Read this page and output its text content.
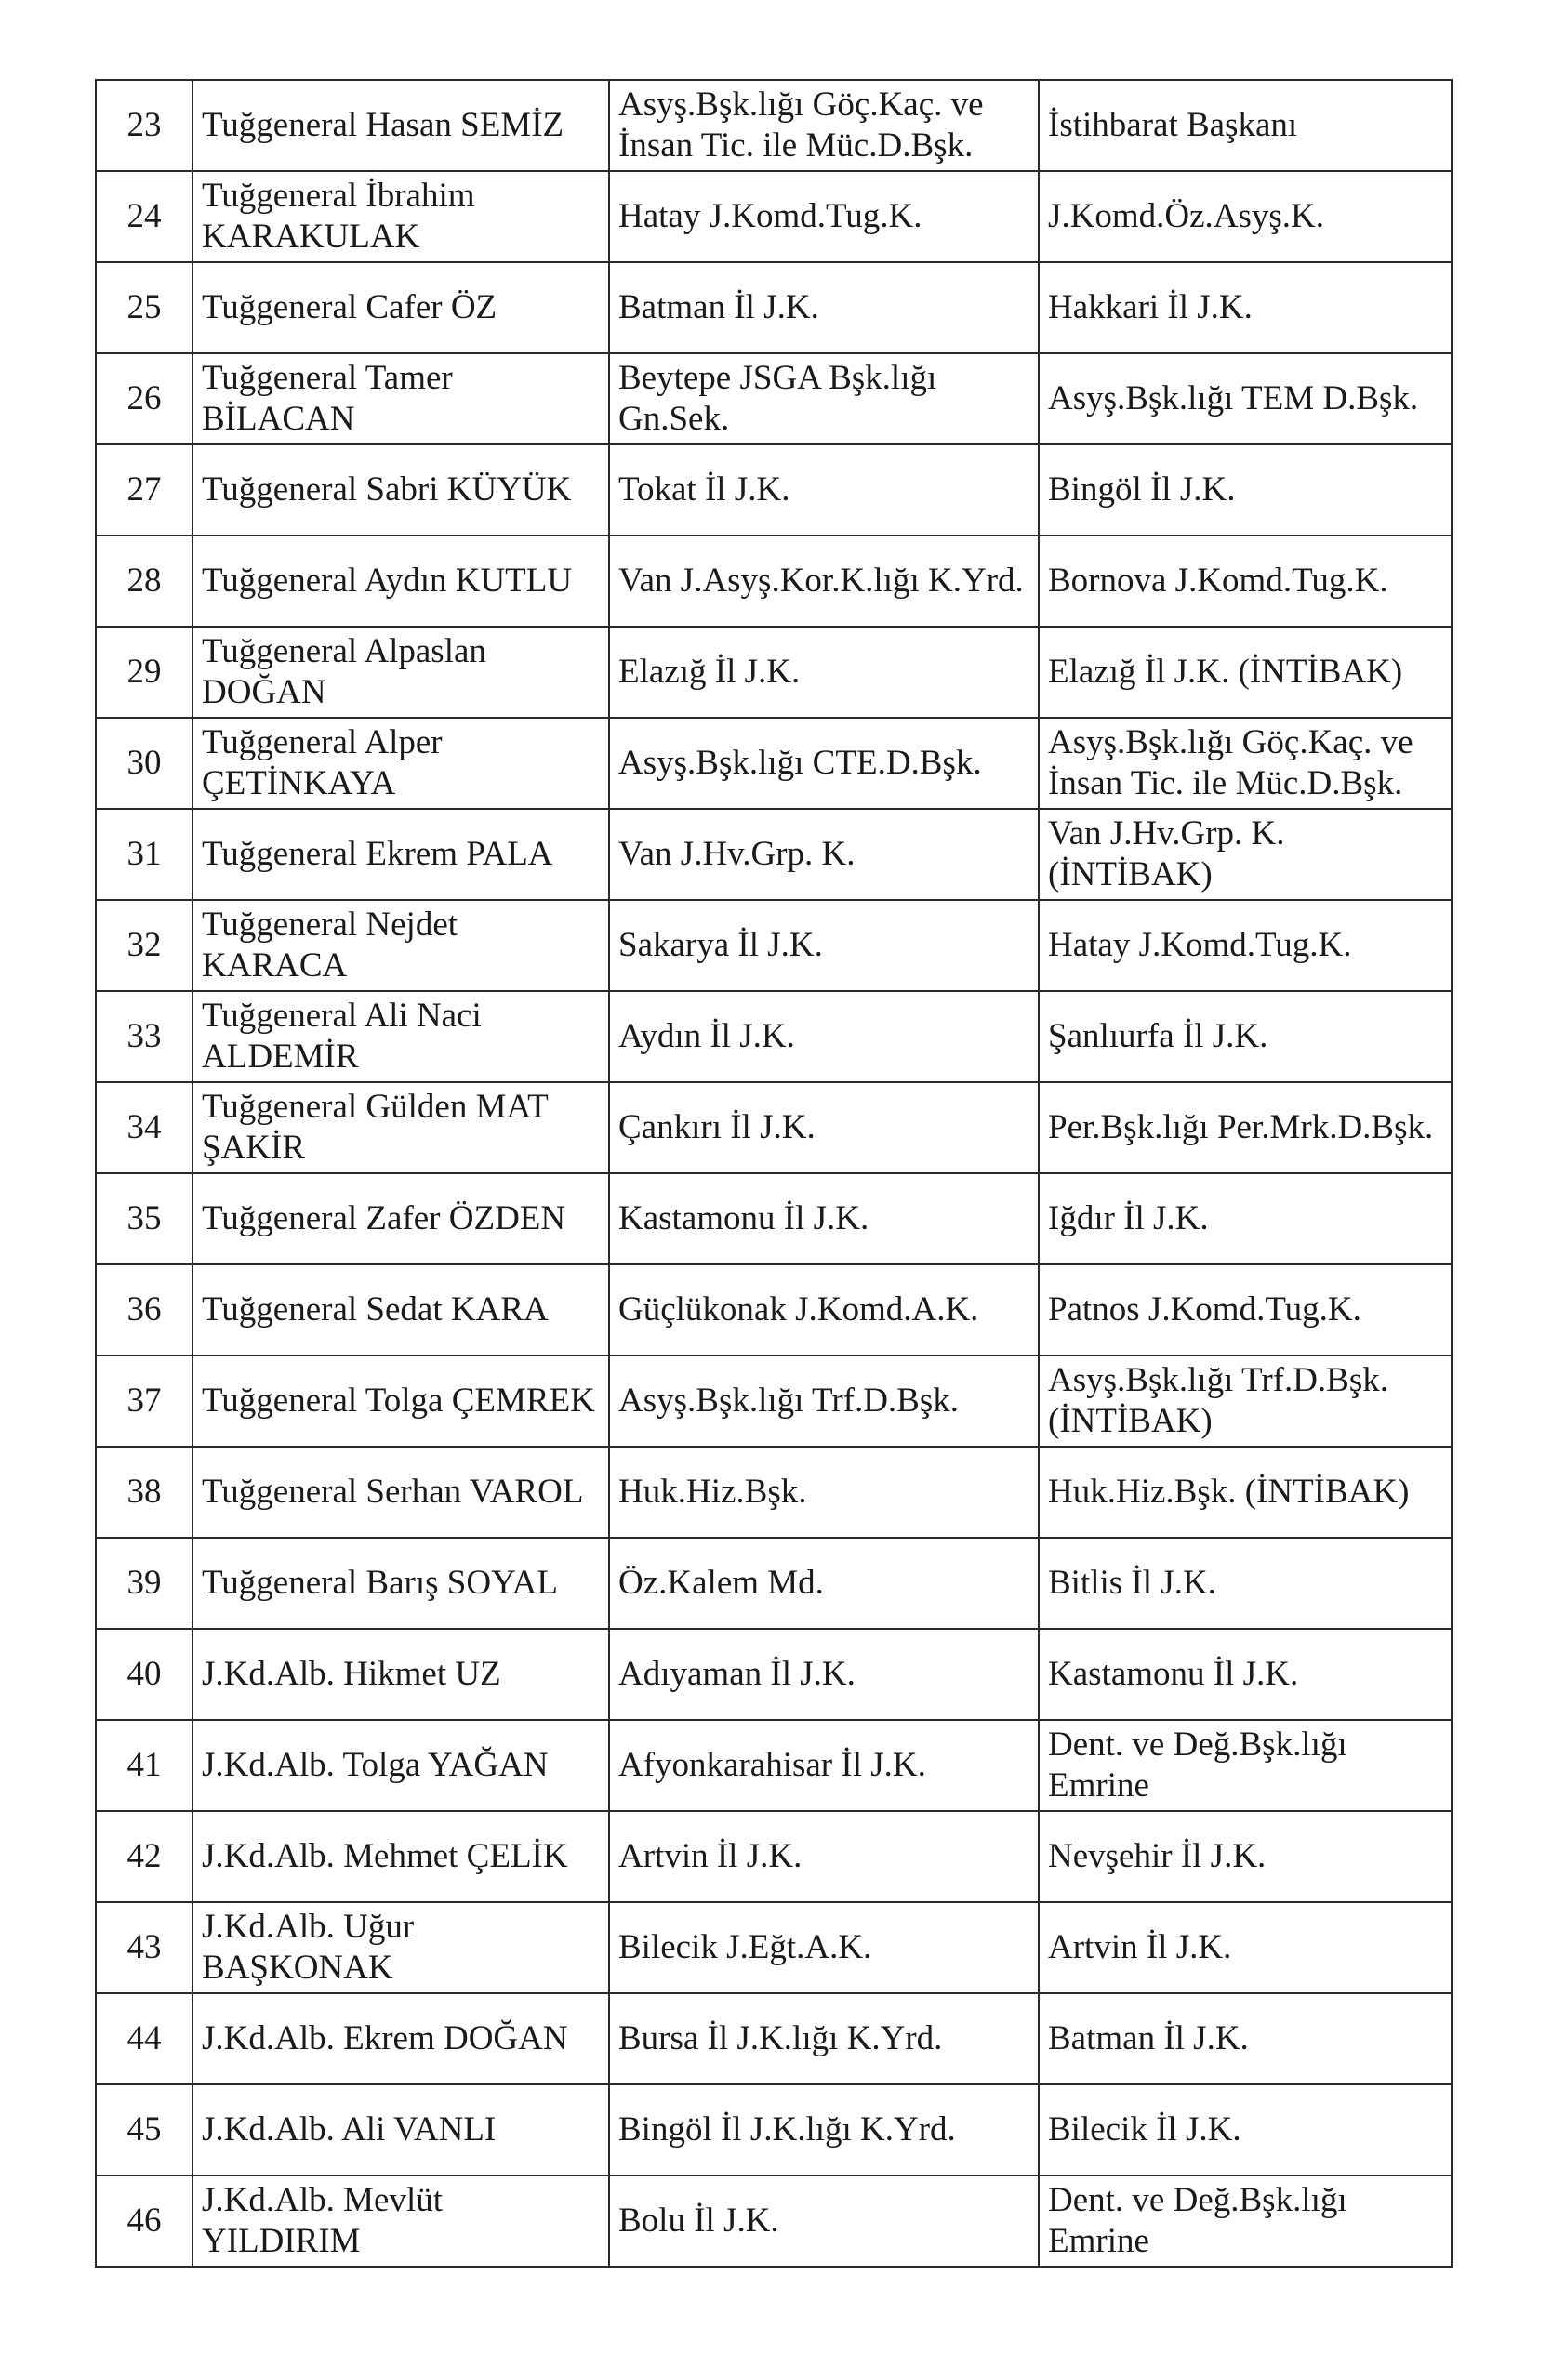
23	Tuğgeneral Hasan SEMİZ	Asyş.Bşk.lığı Göç.Kaç. ve İnsan Tic. ile Müc.D.Bşk.	İstihbarat Başkanı

24	Tuğgeneral İbrahim KARAKULAK	Hatay J.Komd.Tug.K.	J.Komd.Öz.Asyş.K.

25	Tuğgeneral Cafer ÖZ	Batman İl J.K.	Hakkari İl J.K.

26	Tuğgeneral Tamer BİLACAN	Beytepe JSGA Bşk.lığı Gn.Sek.	Asyş.Bşk.lığı TEM D.Bşk.

27	Tuğgeneral Sabri KÜYÜK	Tokat İl J.K.	Bingöl İl J.K.

28	Tuğgeneral Aydın KUTLU	Van J.Asyş.Kor.K.lığı K.Yrd.	Bornova J.Komd.Tug.K.

29	Tuğgeneral Alpaslan DOĞAN	Elazığ İl J.K.	Elazığ İl J.K. (İNTİBAK)

30	Tuğgeneral Alper ÇETİNKAYA	Asyş.Bşk.lığı CTE.D.Bşk.	Asyş.Bşk.lığı Göç.Kaç. ve İnsan Tic. ile Müc.D.Bşk.

31	Tuğgeneral Ekrem PALA	Van J.Hv.Grp. K.	Van J.Hv.Grp. K. (İNTİBAK)

32	Tuğgeneral Nejdet KARACA	Sakarya İl J.K.	Hatay J.Komd.Tug.K.

33	Tuğgeneral Ali Naci ALDEMİR	Aydın İl J.K.	Şanlıurfa İl J.K.

34	Tuğgeneral Gülden MAT ŞAKİR	Çankırı İl J.K.	Per.Bşk.lığı Per.Mrk.D.Bşk.

35	Tuğgeneral Zafer ÖZDEN	Kastamonu İl J.K.	Iğdır İl J.K.

36	Tuğgeneral Sedat KARA	Güçlükonak J.Komd.A.K.	Patnos J.Komd.Tug.K.

37	Tuğgeneral Tolga ÇEMREK	Asyş.Bşk.lığı Trf.D.Bşk.	Asyş.Bşk.lığı Trf.D.Bşk. (İNTİBAK)

38	Tuğgeneral Serhan VAROL	Huk.Hiz.Bşk.	Huk.Hiz.Bşk. (İNTİBAK)

39	Tuğgeneral Barış SOYAL	Öz.Kalem Md.	Bitlis İl J.K.

40	J.Kd.Alb. Hikmet UZ	Adıyaman İl J.K.	Kastamonu İl J.K.

41	J.Kd.Alb. Tolga YAĞAN	Afyonkarahisar İl J.K.	Dent. ve Değ.Bşk.lığı Emrine

42	J.Kd.Alb. Mehmet ÇELİK	Artvin İl J.K.	Nevşehir İl J.K.

43	J.Kd.Alb. Uğur BAŞKONAK	Bilecik J.Eğt.A.K.	Artvin İl J.K.

44	J.Kd.Alb. Ekrem DOĞAN	Bursa İl J.K.lığı K.Yrd.	Batman İl J.K.

45	J.Kd.Alb. Ali VANLI	Bingöl İl J.K.lığı K.Yrd.	Bilecik İl J.K.

46	J.Kd.Alb. Mevlüt YILDIRIM	Bolu İl J.K.	Dent. ve Değ.Bşk.lığı Emrine
